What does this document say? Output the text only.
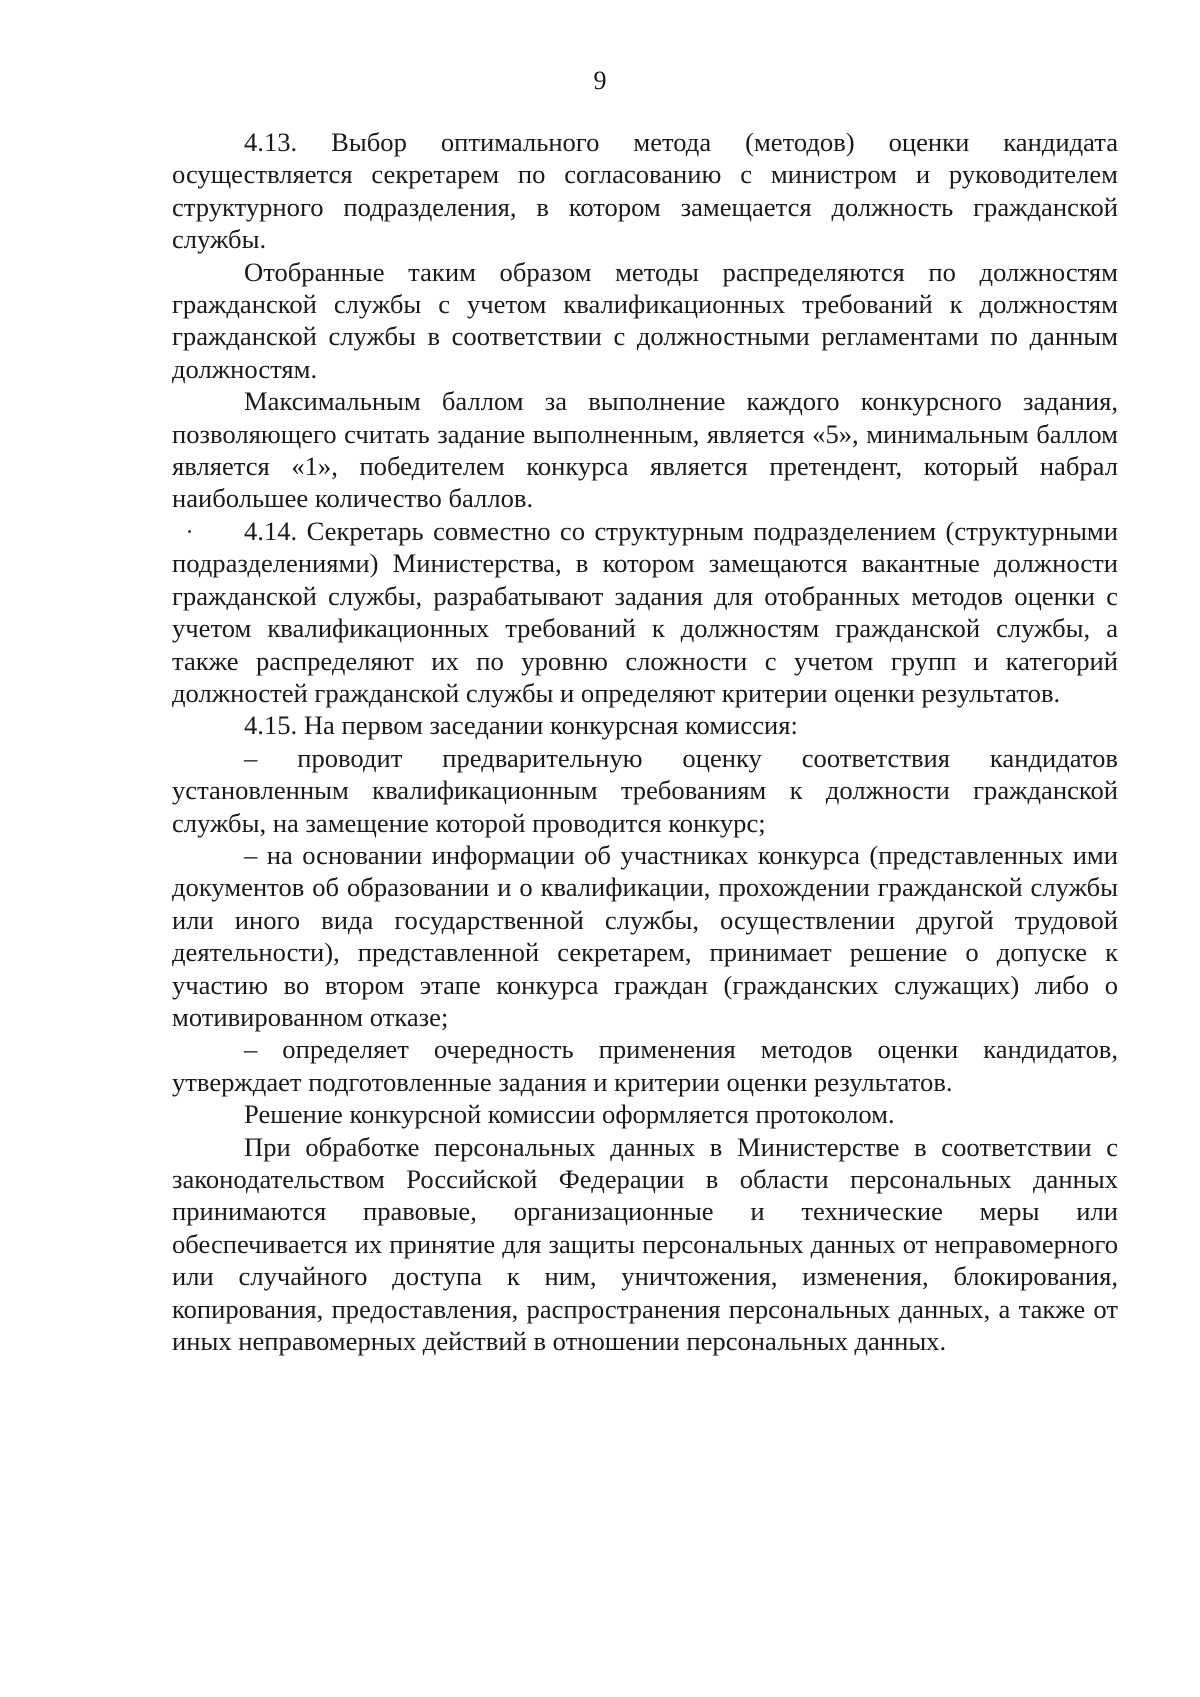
9

4.13. Выбор оптимального метода (методов) оценки кандидата осуществляется секретарем по согласованию с министром и руководителем структурного подразделения, в котором замещается должность гражданской службы.

Отобранные таким образом методы распределяются по должностям гражданской службы с учетом квалификационных требований к должностям гражданской службы в соответствии с должностными регламентами по данным должностям.

Максимальным баллом за выполнение каждого конкурсного задания, позволяющего считать задание выполненным, является «5», минимальным баллом является «1», победителем конкурса является претендент, который набрал наибольшее количество баллов.

4.14. Секретарь совместно со структурным подразделением (структурными подразделениями) Министерства, в котором замещаются вакантные должности гражданской службы, разрабатывают задания для отобранных методов оценки с учетом квалификационных требований к должностям гражданской службы, а также распределяют их по уровню сложности с учетом групп и категорий должностей гражданской службы и определяют критерии оценки результатов.

4.15. На первом заседании конкурсная комиссия:

– проводит предварительную оценку соответствия кандидатов установленным квалификационным требованиям к должности гражданской службы, на замещение которой проводится конкурс;

– на основании информации об участниках конкурса (представленных ими документов об образовании и о квалификации, прохождении гражданской службы или иного вида государственной службы, осуществлении другой трудовой деятельности), представленной секретарем, принимает решение о допуске к участию во втором этапе конкурса граждан (гражданских служащих) либо о мотивированном отказе;

– определяет очередность применения методов оценки кандидатов, утверждает подготовленные задания и критерии оценки результатов.

Решение конкурсной комиссии оформляется протоколом.

При обработке персональных данных в Министерстве в соответствии с законодательством Российской Федерации в области персональных данных принимаются правовые, организационные и технические меры или обеспечивается их принятие для защиты персональных данных от неправомерного или случайного доступа к ним, уничтожения, изменения, блокирования, копирования, предоставления, распространения персональных данных, а также от иных неправомерных действий в отношении персональных данных.
